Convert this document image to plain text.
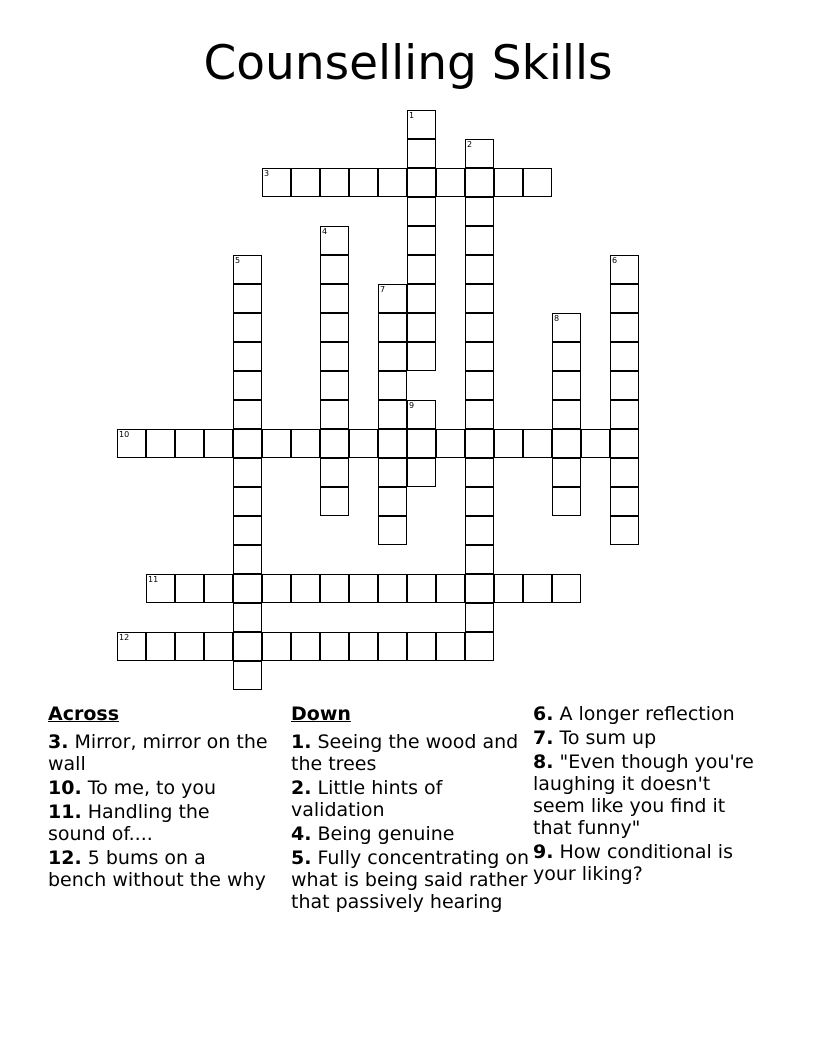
Counselling Skills
1
2
3
4
5	6
7
8
9
10
11
12
Across
3. Mirror, mirror on the wall
10. To me, to you
11. Handling the sound of....
12. 5 bums on a bench without the why
Down
1. Seeing the wood and the trees
2. Little hints of validation
4. Being genuine
5. Fully concentrating on what is being said rather that passively hearing
6. A longer reflection
7. To sum up
8. "Even though you're laughing it doesn't seem like you find it that funny"
9. How conditional is your liking?
